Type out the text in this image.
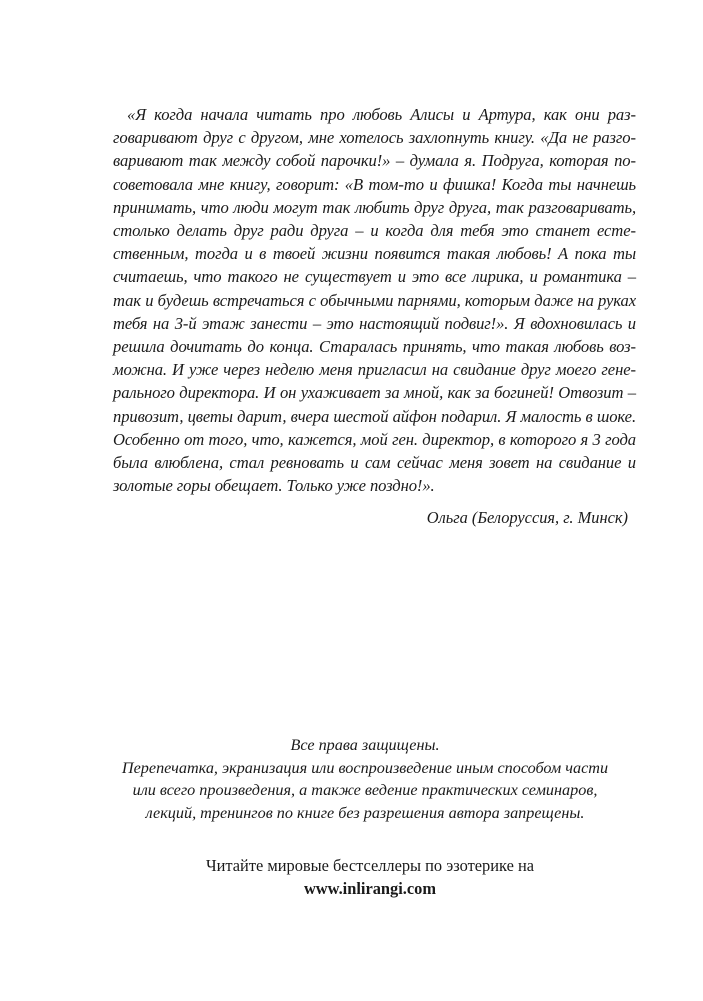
«Я когда начала читать про любовь Алисы и Артура, как они разговаривают друг с другом, мне хотелось захлопнуть книгу. «Да не разговаривают так между собой парочки!» – думала я. Подруга, которая посоветовала мне книгу, говорит: «В том-то и фишка! Когда ты начнешь принимать, что люди могут так любить друг друга, так разговаривать, столько делать друг ради друга – и когда для тебя это станет естественным, тогда и в твоей жизни появится такая любовь! А пока ты считаешь, что такого не существует и это все лирика, и романтика – так и будешь встречаться с обычными парнями, которым даже на руках тебя на 3-й этаж занести – это настоящий подвиг!». Я вдохновилась и решила дочитать до конца. Старалась принять, что такая любовь возможна. И уже через неделю меня пригласил на свидание друг моего генерального директора. И он ухаживает за мной, как за богиней! Отвозит – привозит, цветы дарит, вчера шестой айфон подарил. Я малость в шоке. Особенно от того, что, кажется, мой ген. директор, в которого я 3 года была влюблена, стал ревновать и сам сейчас меня зовет на свидание и золотые горы обещает. Только уже поздно!».

Ольга (Белоруссия, г. Минск)
Все права защищены.
Перепечатка, экранизация или воспроизведение иным способом части
или всего произведения, а также ведение практических семинаров,
лекций, тренингов по книге без разрешения автора запрещены.
Читайте мировые бестселлеры по эзотерике на
www.inlirangi.com
